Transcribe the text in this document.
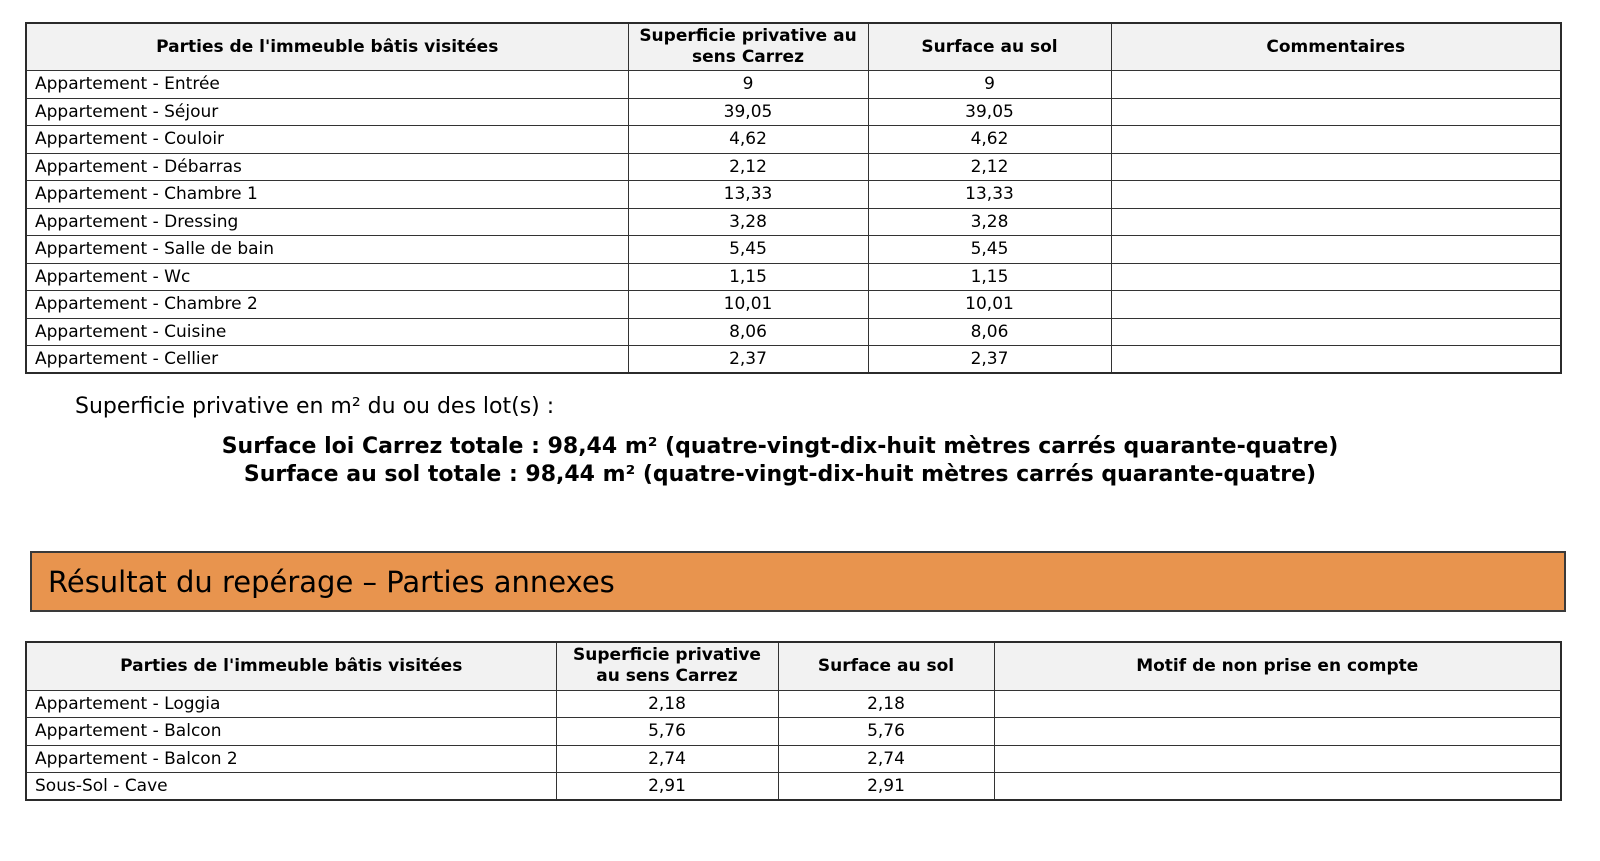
Parties de l'immeuble bâtis visitées	Superficie privative au sens Carrez	Surface au sol	Commentaires
Appartement - Entrée	9	9	
Appartement - Séjour	39,05	39,05	
Appartement - Couloir	4,62	4,62	
Appartement - Débarras	2,12	2,12	
Appartement - Chambre 1	13,33	13,33	
Appartement - Dressing	3,28	3,28	
Appartement - Salle de bain	5,45	5,45	
Appartement - Wc	1,15	1,15	
Appartement - Chambre 2	10,01	10,01	
Appartement - Cuisine	8,06	8,06	
Appartement - Cellier	2,37	2,37	

Superficie privative en m² du ou des lot(s) :

Surface loi Carrez totale : 98,44 m² (quatre-vingt-dix-huit mètres carrés quarante-quatre)
Surface au sol totale : 98,44 m² (quatre-vingt-dix-huit mètres carrés quarante-quatre)
Résultat du repérage – Parties annexes
Parties de l'immeuble bâtis visitées	Superficie privative au sens Carrez	Surface au sol	Motif de non prise en compte
Appartement - Loggia	2,18	2,18	
Appartement - Balcon	5,76	5,76	
Appartement - Balcon 2	2,74	2,74	
Sous-Sol - Cave	2,91	2,91	
